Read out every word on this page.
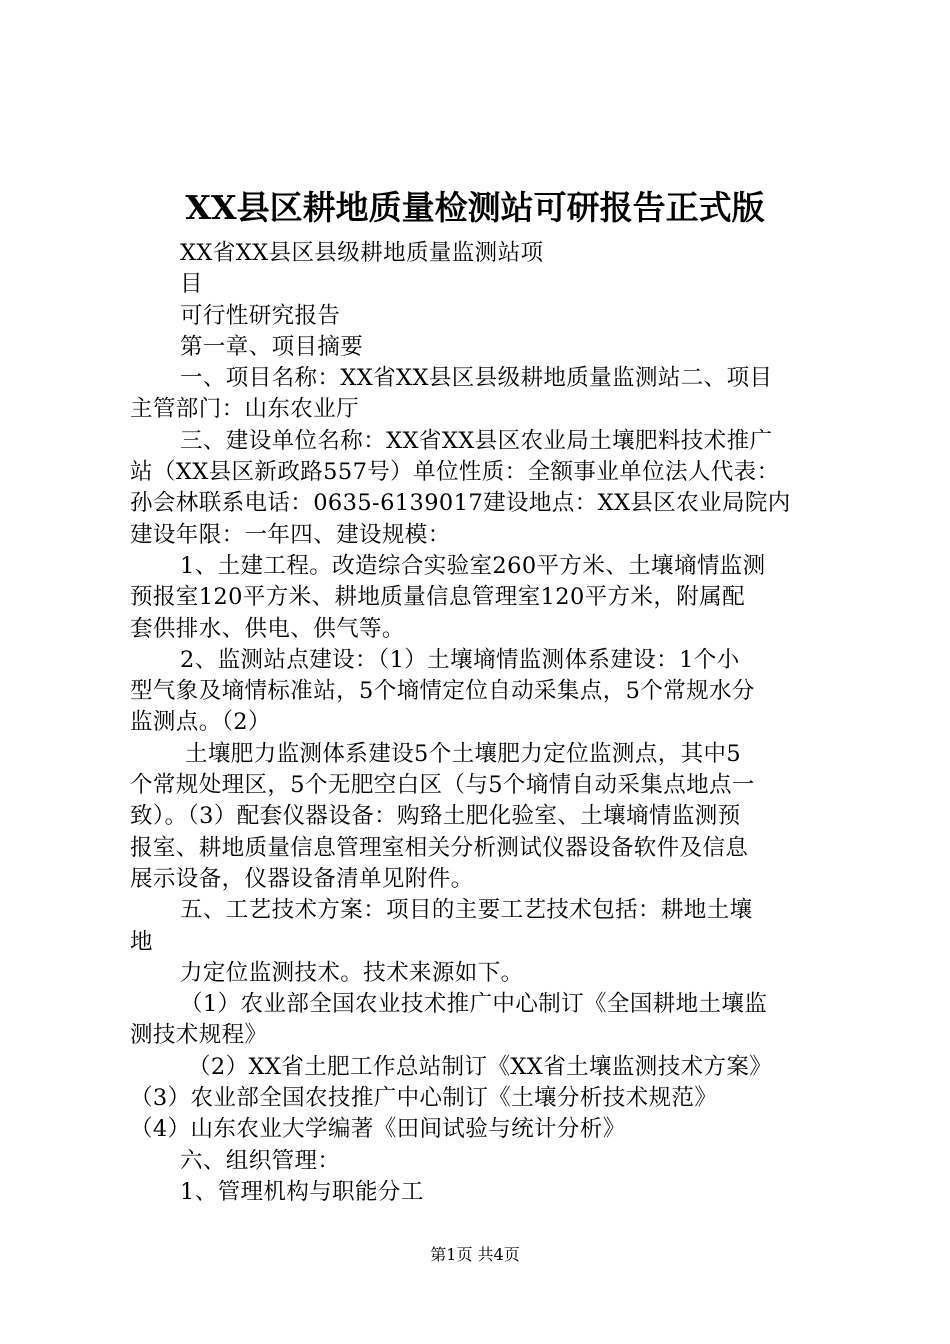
XX县区耕地质量检测站可研报告正式版
XX省XX县区县级耕地质量监测站项
目
可行性研究报告
第一章、项目摘要
一、项目名称：XX省XX县区县级耕地质量监测站二、项目
主管部门：山东农业厅
三、建设单位名称：XX省XX县区农业局土壤肥料技术推广
站（XX县区新政路557号）单位性质：全额事业单位法人代表：
孙会林联系电话：0635-6139017建设地点：XX县区农业局院内
建设年限：一年四、建设规模：
1、土建工程。改造综合实验室260平方米、土壤墒情监测
预报室120平方米、耕地质量信息管理室120平方米，附属配
套供排水、供电、供气等。
2、监测站点建设：（1）土壤墒情监测体系建设：1个小
型气象及墒情标准站，5个墒情定位自动采集点，5个常规水分
监测点。（2）
土壤肥力监测体系建设5个土壤肥力定位监测点，其中5
个常规处理区，5个无肥空白区（与5个墒情自动采集点地点一
致）。（3）配套仪器设备：购臵土肥化验室、土壤墒情监测预
报室、耕地质量信息管理室相关分析测试仪器设备软件及信息
展示设备，仪器设备清单见附件。
五、工艺技术方案：项目的主要工艺技术包括：耕地土壤
地
力定位监测技术。技术来源如下。
（1）农业部全国农业技术推广中心制订《全国耕地土壤监
测技术规程》
（2）XX省土肥工作总站制订《XX省土壤监测技术方案》
（3）农业部全国农技推广中心制订《土壤分析技术规范》
（4）山东农业大学编著《田间试验与统计分析》
六、组织管理：
1、管理机构与职能分工
第1页 共4页
